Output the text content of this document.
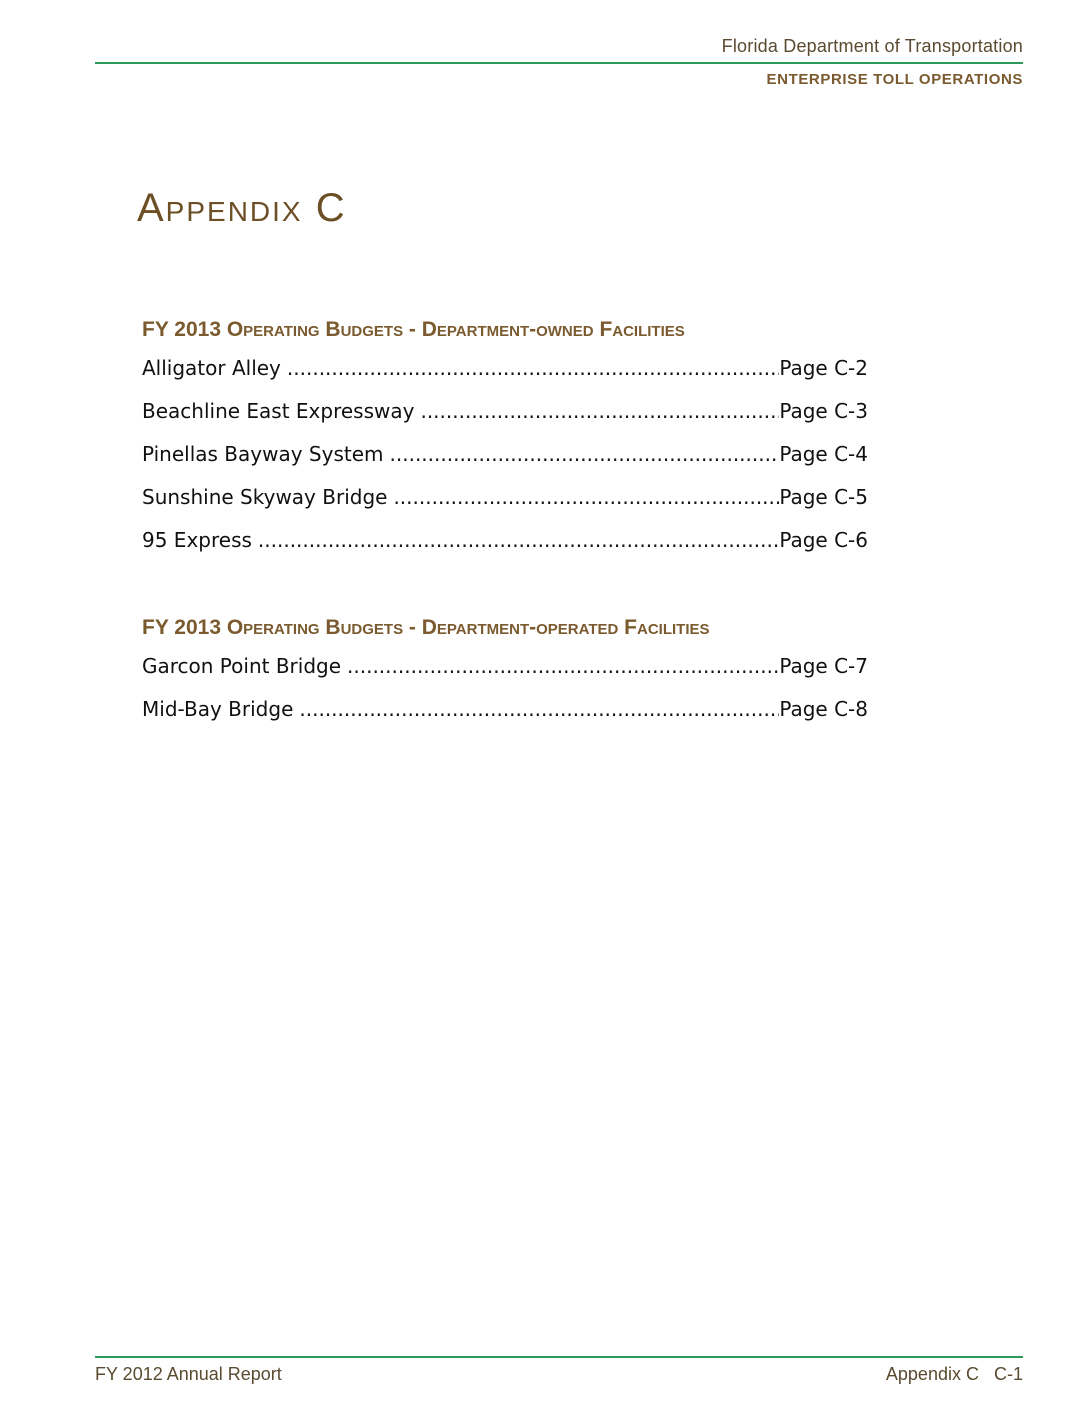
Florida Department of Transportation
ENTERPRISE TOLL OPERATIONS
Appendix C
FY 2013 Operating Budgets - Department-owned Facilities
Alligator Alley .....	Page C-2
Beachline East Expressway .....	Page C-3
Pinellas Bayway System .....	Page C-4
Sunshine Skyway Bridge .....	Page C-5
95 Express .....	Page C-6
FY 2013 Operating Budgets - Department-operated Facilities
Garcon Point Bridge .....	Page C-7
Mid-Bay Bridge .....	Page C-8
FY 2012 Annual Report	Appendix C C-1
